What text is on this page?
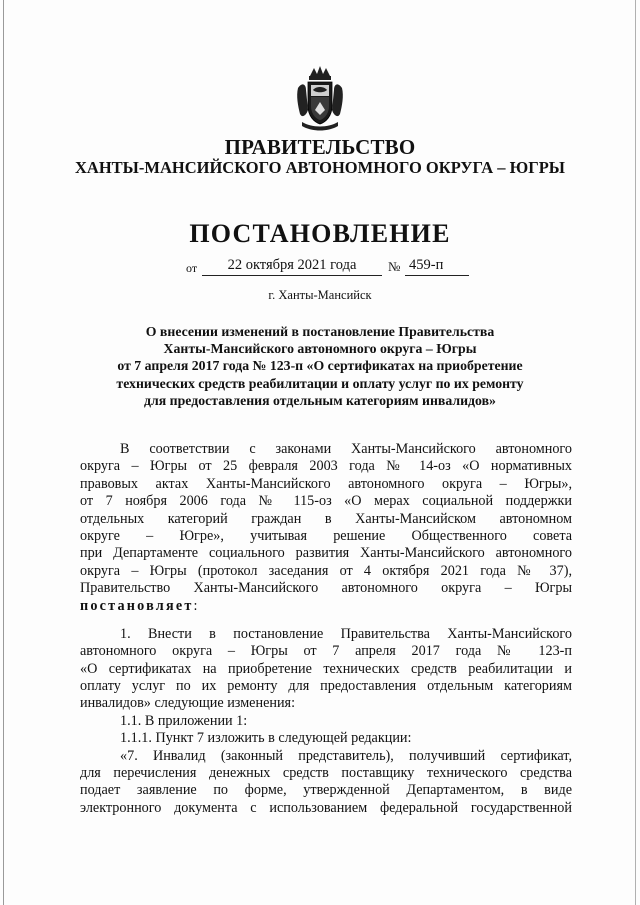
ПРАВИТЕЛЬСТВО
ХАНТЫ-МАНСИЙСКОГО АВТОНОМНОГО ОКРУГА – ЮГРЫ
ПОСТАНОВЛЕНИЕ
от	22 октября 2021 года	№ 459-п
г. Ханты-Мансийск
О внесении изменений в постановление Правительства
Ханты-Мансийского автономного округа – Югры
от 7 апреля 2017 года № 123-п «О сертификатах на приобретение
технических средств реабилитации и оплату услуг по их ремонту
для предоставления отдельным категориям инвалидов»
В соответствии с законами Ханты-Мансийского автономного
округа – Югры от 25 февраля 2003 года № 14-оз «О нормативных
правовых актах Ханты-Мансийского автономного округа – Югры»,
от 7 ноября 2006 года № 115-оз «О мерах социальной поддержки
отдельных категорий граждан в Ханты-Мансийском автономном
округе – Югре», учитывая решение Общественного совета
при Департаменте социального развития Ханты-Мансийского автономного
округа – Югры (протокол заседания от 4 октября 2021 года № 37),
Правительство Ханты-Мансийского автономного округа – Югры
постановляет:
1. Внести в постановление Правительства Ханты-Мансийского
автономного округа – Югры от 7 апреля 2017 года № 123-п
«О сертификатах на приобретение технических средств реабилитации и
оплату услуг по их ремонту для предоставления отдельным категориям
инвалидов» следующие изменения:
1.1. В приложении 1:
1.1.1. Пункт 7 изложить в следующей редакции:
«7. Инвалид (законный представитель), получивший сертификат,
для перечисления денежных средств поставщику технического средства
подает заявление по форме, утвержденной Департаментом, в виде
электронного документа с использованием федеральной государственной
